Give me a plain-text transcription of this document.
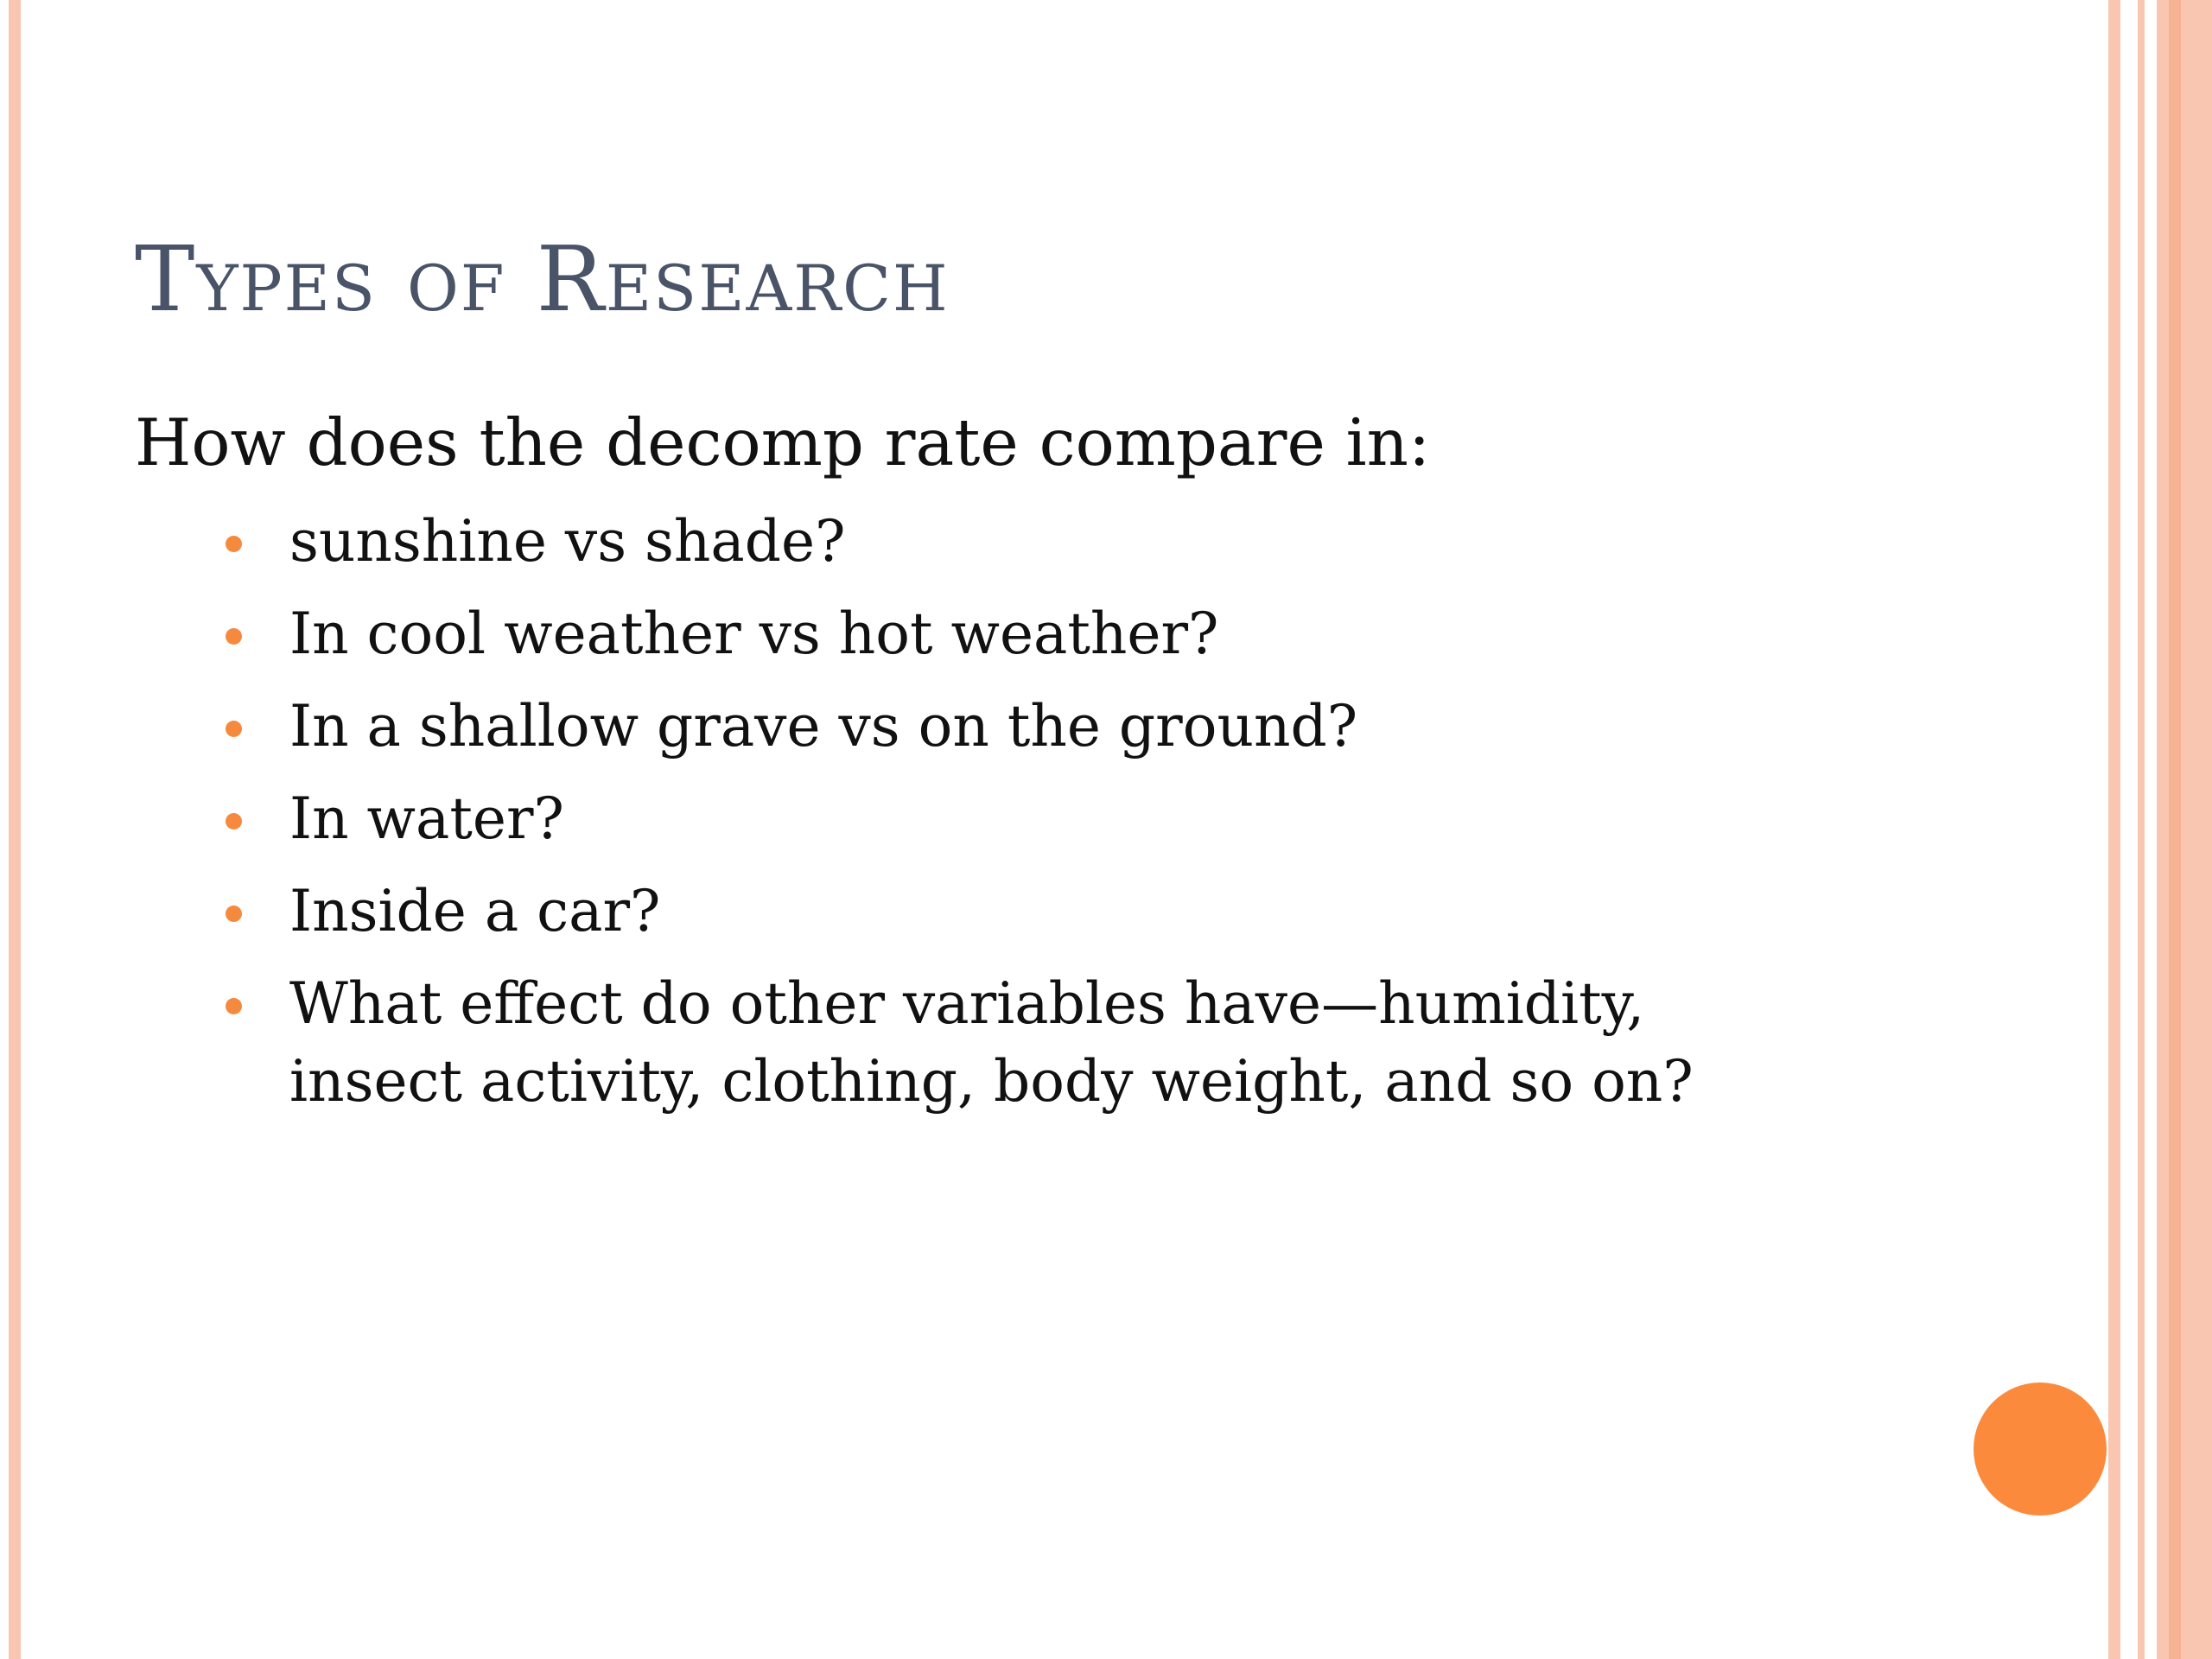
Types of Research

How does the decomp rate compare in:

sunshine vs shade?
In cool weather vs hot weather?
In a shallow grave vs on the ground?
In water?
Inside a car?
What effect do other variables have—humidity, insect activity, clothing, body weight, and so on?
